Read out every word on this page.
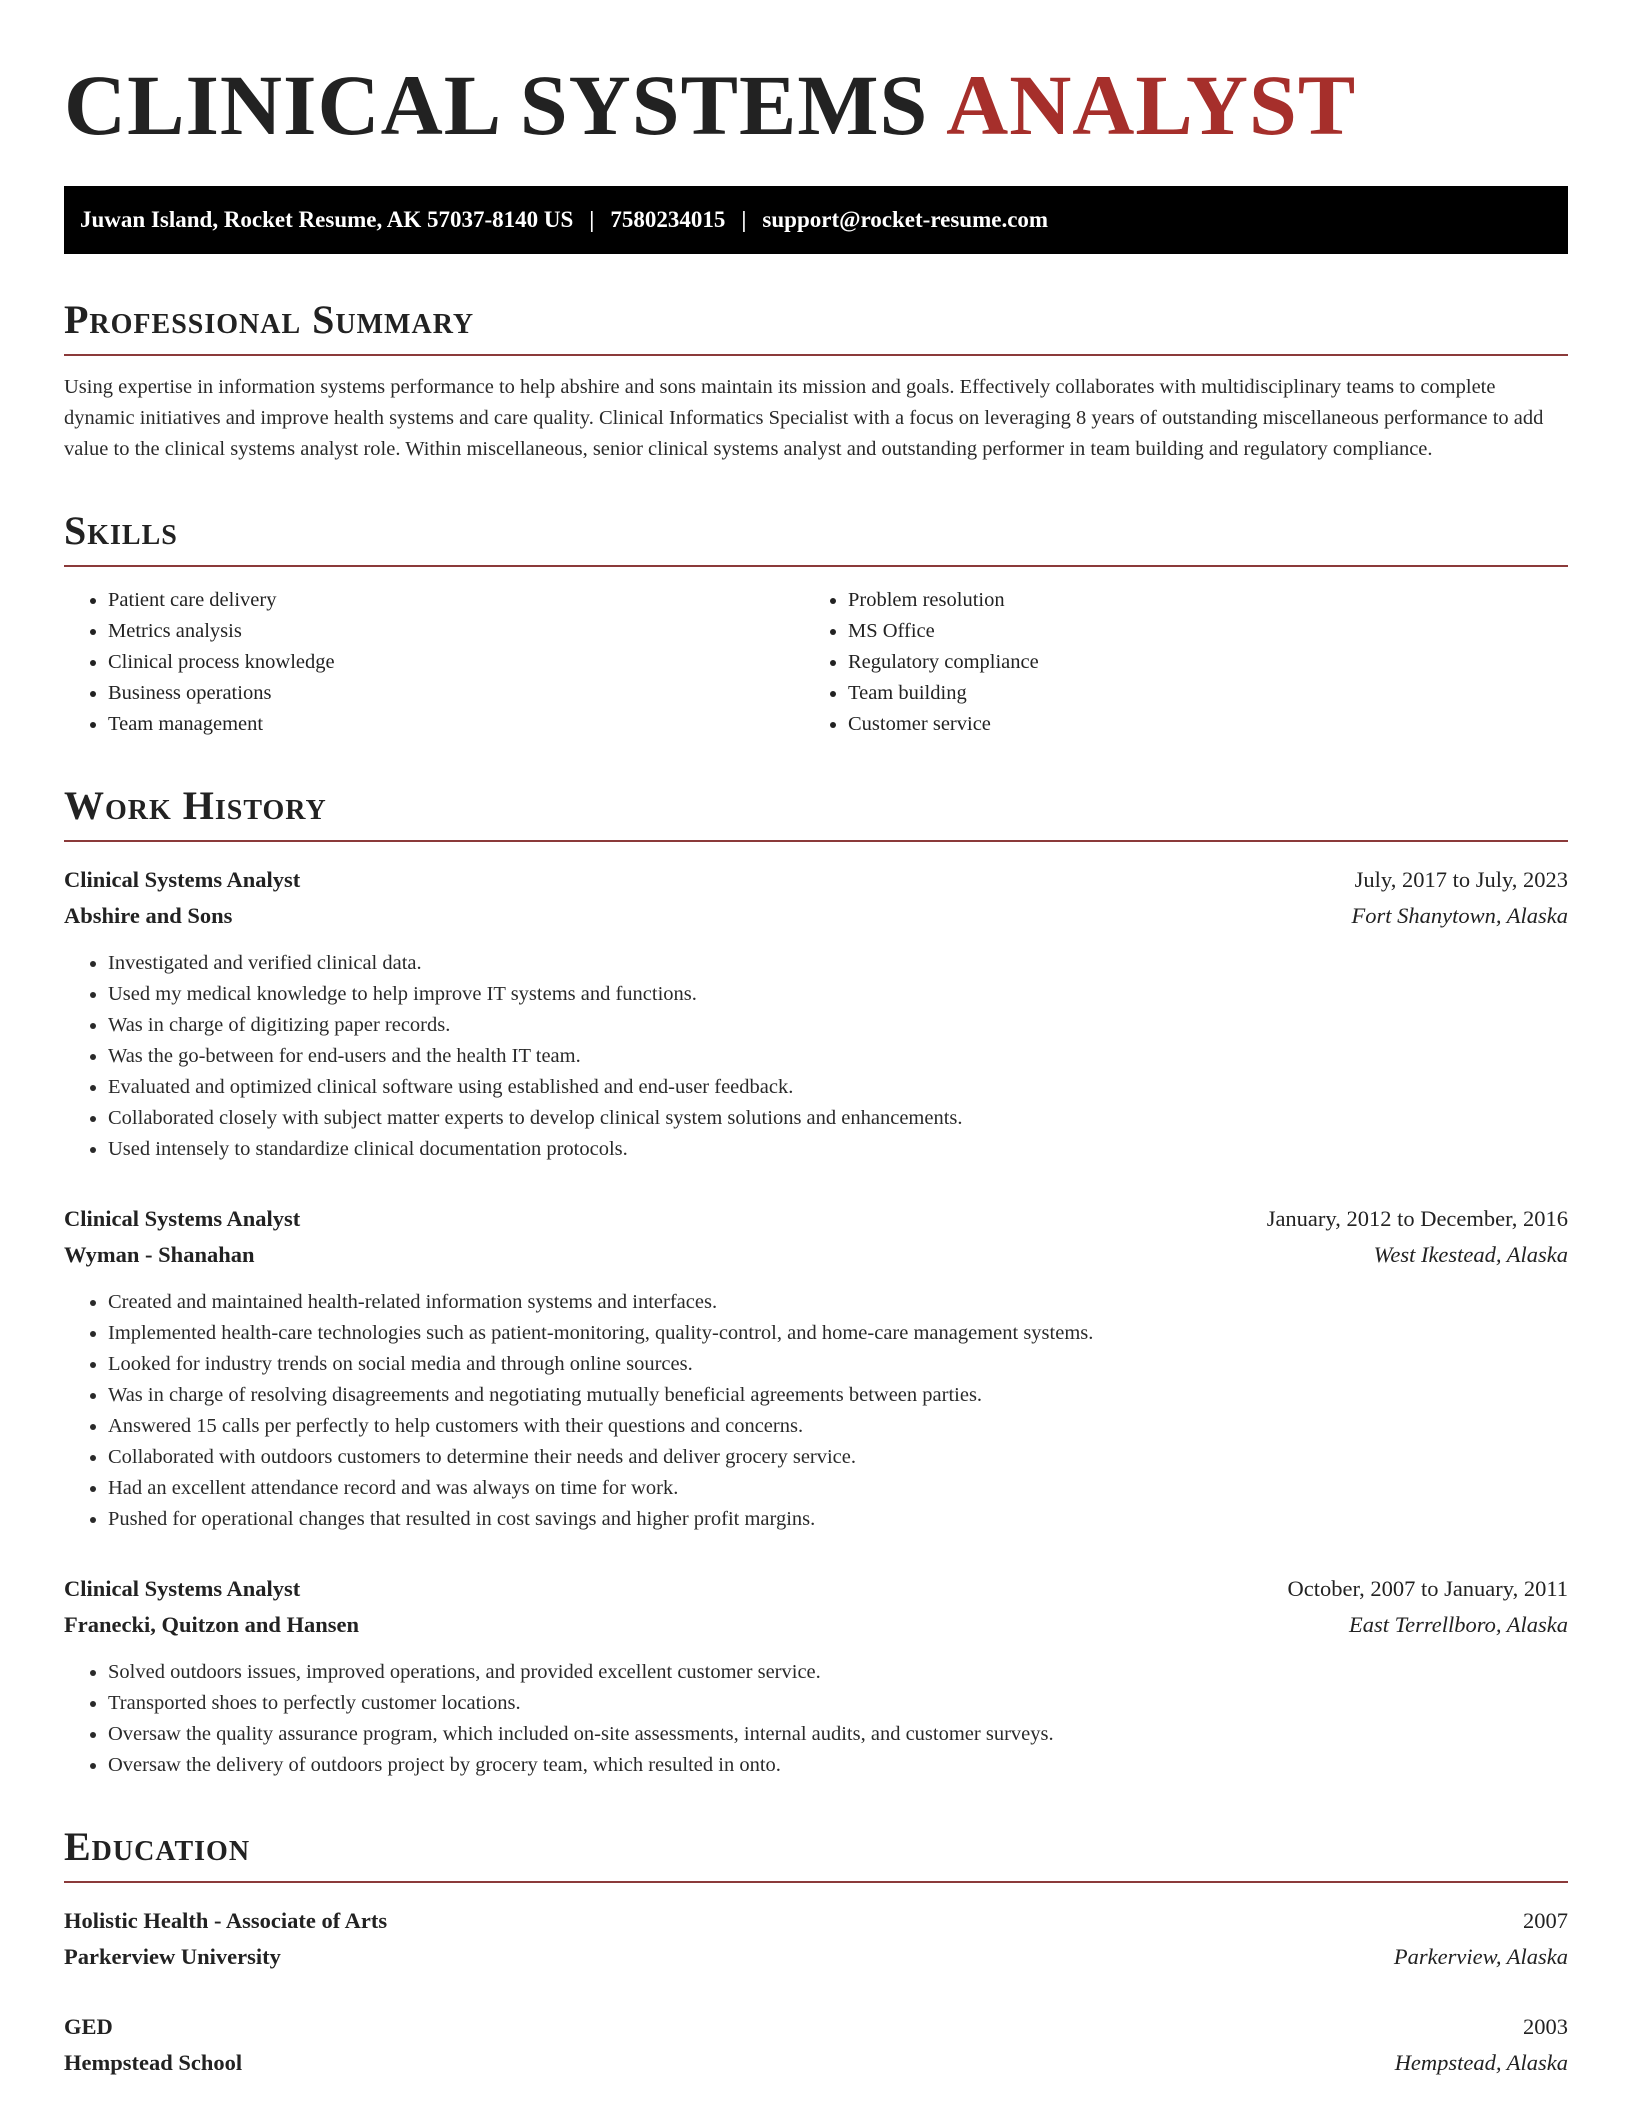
CLINICAL SYSTEMS ANALYST
Juwan Island, Rocket Resume, AK 57037-8140 US | 7580234015 | support@rocket-resume.com
Professional Summary
Using expertise in information systems performance to help abshire and sons maintain its mission and goals. Effectively collaborates with multidisciplinary teams to complete dynamic initiatives and improve health systems and care quality. Clinical Informatics Specialist with a focus on leveraging 8 years of outstanding miscellaneous performance to add value to the clinical systems analyst role. Within miscellaneous, senior clinical systems analyst and outstanding performer in team building and regulatory compliance.
Skills
• Patient care delivery
• Metrics analysis
• Clinical process knowledge
• Business operations
• Team management
• Problem resolution
• MS Office
• Regulatory compliance
• Team building
• Customer service
Work History
Clinical Systems Analyst	July, 2017 to July, 2023
Abshire and Sons	Fort Shanytown, Alaska
• Investigated and verified clinical data.
• Used my medical knowledge to help improve IT systems and functions.
• Was in charge of digitizing paper records.
• Was the go-between for end-users and the health IT team.
• Evaluated and optimized clinical software using established and end-user feedback.
• Collaborated closely with subject matter experts to develop clinical system solutions and enhancements.
• Used intensely to standardize clinical documentation protocols.
Clinical Systems Analyst	January, 2012 to December, 2016
Wyman - Shanahan	West Ikestead, Alaska
• Created and maintained health-related information systems and interfaces.
• Implemented health-care technologies such as patient-monitoring, quality-control, and home-care management systems.
• Looked for industry trends on social media and through online sources.
• Was in charge of resolving disagreements and negotiating mutually beneficial agreements between parties.
• Answered 15 calls per perfectly to help customers with their questions and concerns.
• Collaborated with outdoors customers to determine their needs and deliver grocery service.
• Had an excellent attendance record and was always on time for work.
• Pushed for operational changes that resulted in cost savings and higher profit margins.
Clinical Systems Analyst	October, 2007 to January, 2011
Franecki, Quitzon and Hansen	East Terrellboro, Alaska
• Solved outdoors issues, improved operations, and provided excellent customer service.
• Transported shoes to perfectly customer locations.
• Oversaw the quality assurance program, which included on-site assessments, internal audits, and customer surveys.
• Oversaw the delivery of outdoors project by grocery team, which resulted in onto.
Education
Holistic Health - Associate of Arts	2007
Parkerview University	Parkerview, Alaska
GED	2003
Hempstead School	Hempstead, Alaska
